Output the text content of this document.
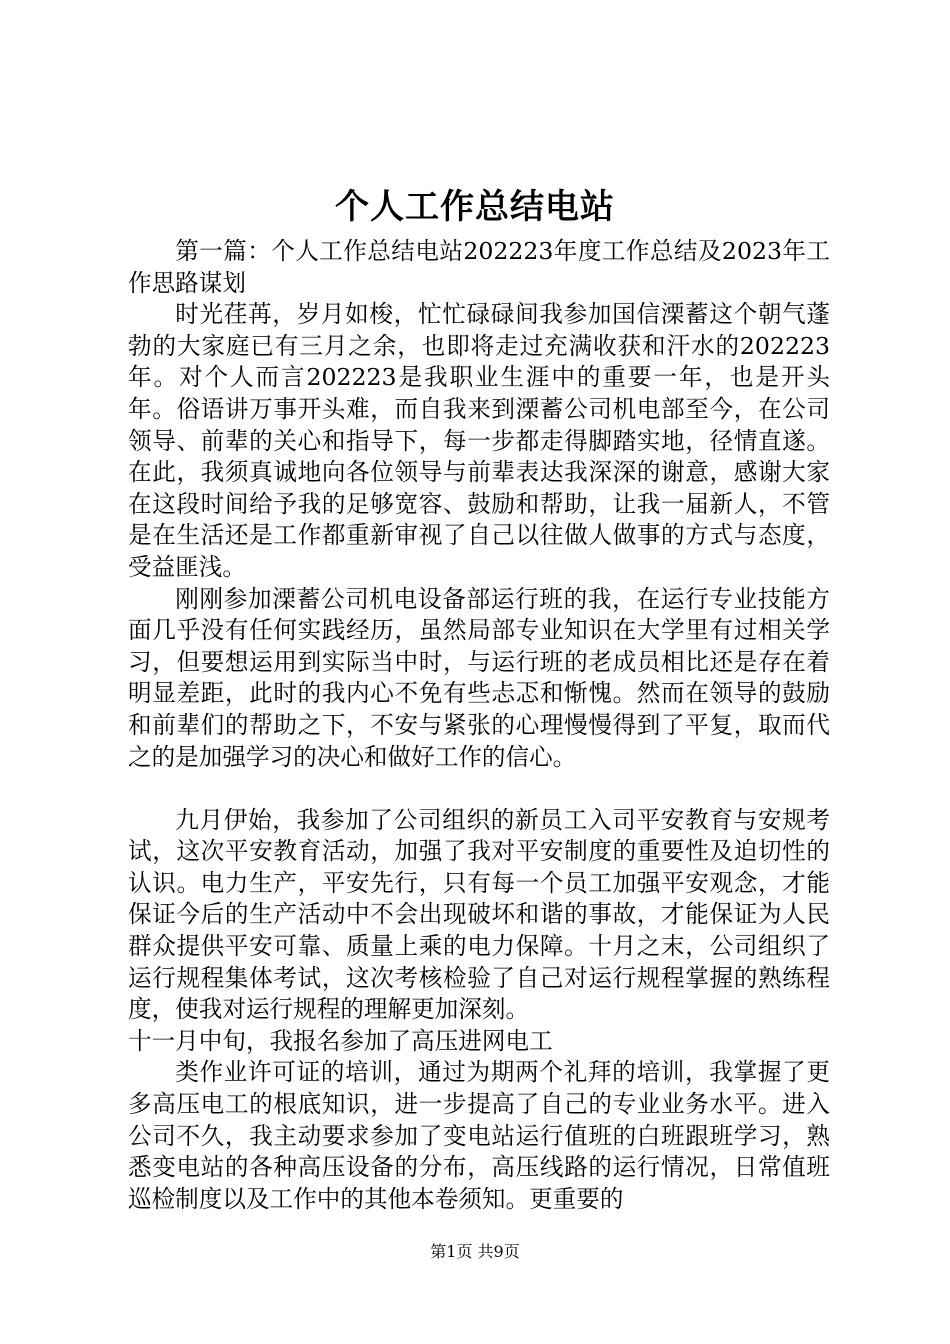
个人工作总结电站

第一篇：个人工作总结电站202223年度工作总结及2023年工作思路谋划

时光荏苒，岁月如梭，忙忙碌碌间我参加国信溧蓄这个朝气蓬勃的大家庭已有三月之余，也即将走过充满收获和汗水的202223年。对个人而言202223是我职业生涯中的重要一年，也是开头年。俗语讲万事开头难，而自我来到溧蓄公司机电部至今，在公司领导、前辈的关心和指导下，每一步都走得脚踏实地，径情直遂。在此，我须真诚地向各位领导与前辈表达我深深的谢意，感谢大家在这段时间给予我的足够宽容、鼓励和帮助，让我一届新人，不管是在生活还是工作都重新审视了自己以往做人做事的方式与态度，受益匪浅。

刚刚参加溧蓄公司机电设备部运行班的我，在运行专业技能方面几乎没有任何实践经历，虽然局部专业知识在大学里有过相关学习，但要想运用到实际当中时，与运行班的老成员相比还是存在着明显差距，此时的我内心不免有些忐忑和惭愧。然而在领导的鼓励和前辈们的帮助之下，不安与紧张的心理慢慢得到了平复，取而代之的是加强学习的决心和做好工作的信心。

九月伊始，我参加了公司组织的新员工入司平安教育与安规考试，这次平安教育活动，加强了我对平安制度的重要性及迫切性的认识。电力生产，平安先行，只有每一个员工加强平安观念，才能保证今后的生产活动中不会出现破坏和谐的事故，才能保证为人民群众提供平安可靠、质量上乘的电力保障。十月之末，公司组织了运行规程集体考试，这次考核检验了自己对运行规程掌握的熟练程度，使我对运行规程的理解更加深刻。

十一月中旬，我报名参加了高压进网电工

类作业许可证的培训，通过为期两个礼拜的培训，我掌握了更多高压电工的根底知识，进一步提高了自己的专业业务水平。进入公司不久，我主动要求参加了变电站运行值班的白班跟班学习，熟悉变电站的各种高压设备的分布，高压线路的运行情况，日常值班巡检制度以及工作中的其他本卷须知。更重要的

第1页 共9页
